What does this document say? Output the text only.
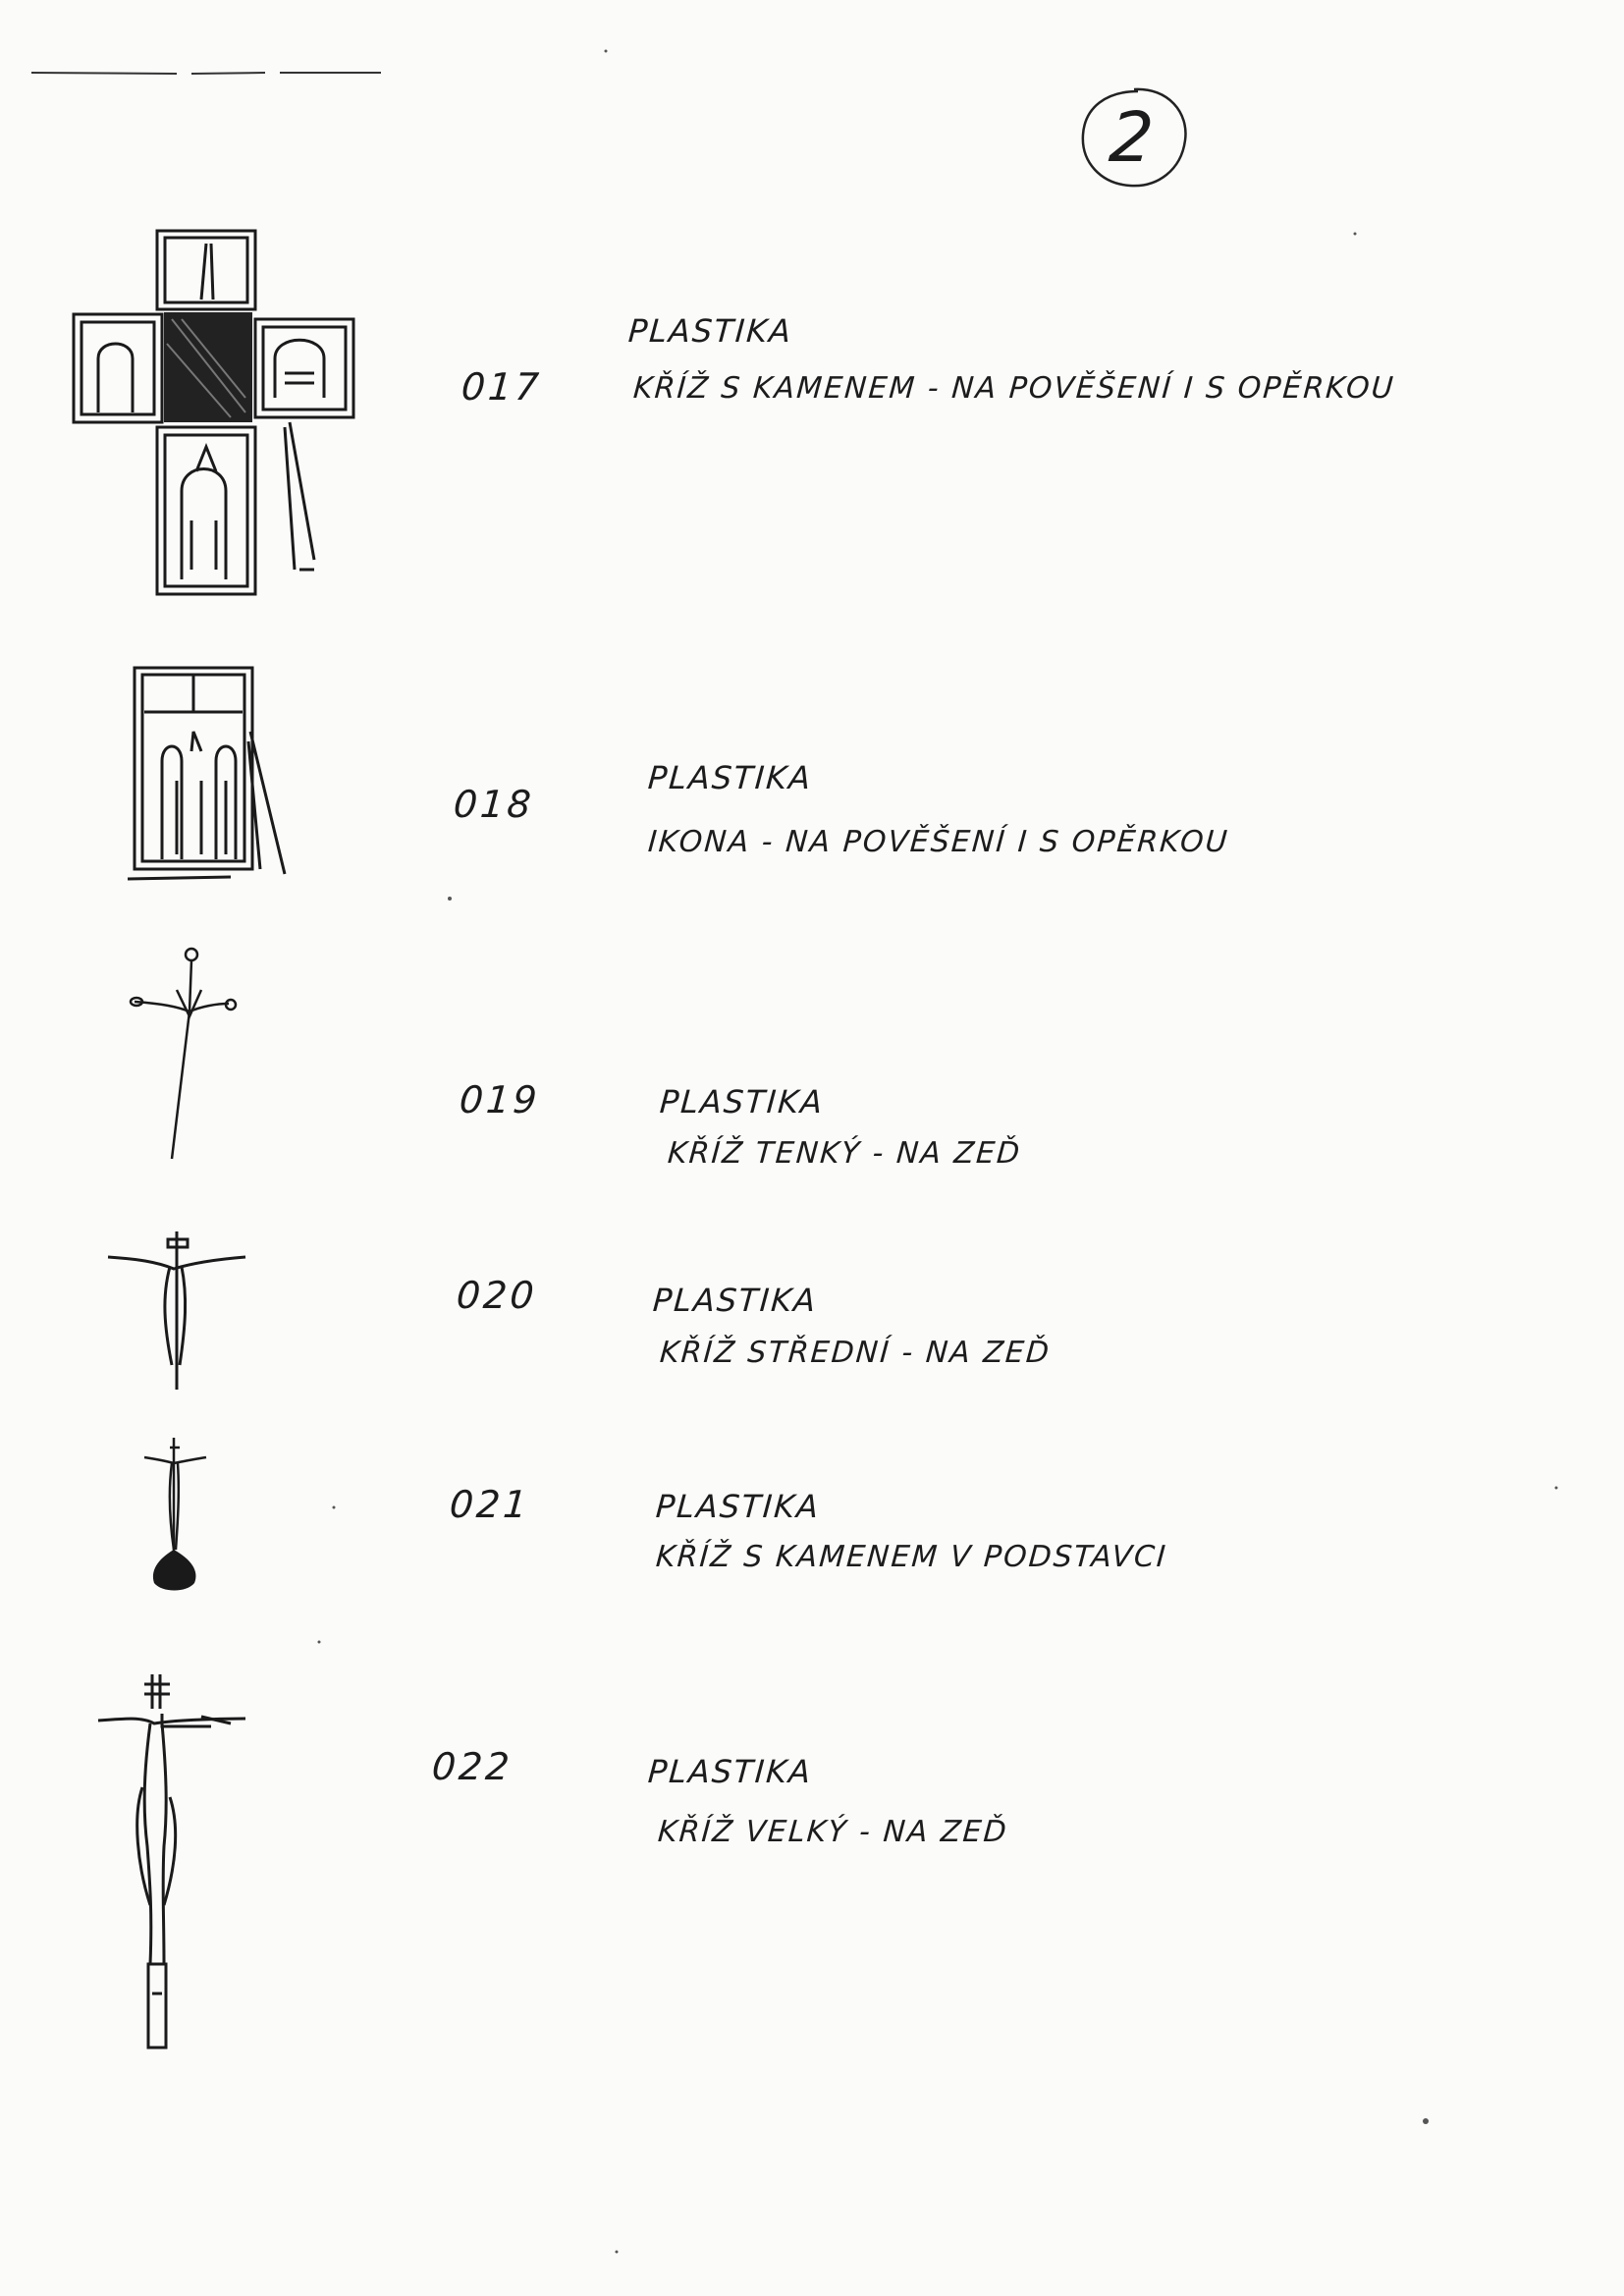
2
017
PLASTIKA
KŘÍŽ S KAMENEM - NA POVĚŠENÍ I S OPĚRKOU
018
PLASTIKA
IKONA - NA POVĚŠENÍ I S OPĚRKOU
019	PLASTIKA
KŘÍŽ TENKÝ - NA ZEĎ
020	PLASTIKA
KŘÍŽ STŘEDNÍ - NA ZEĎ
021	PLASTIKA
KŘÍŽ S KAMENEM V PODSTAVCI
022	PLASTIKA
KŘÍŽ VELKÝ - NA ZEĎ
